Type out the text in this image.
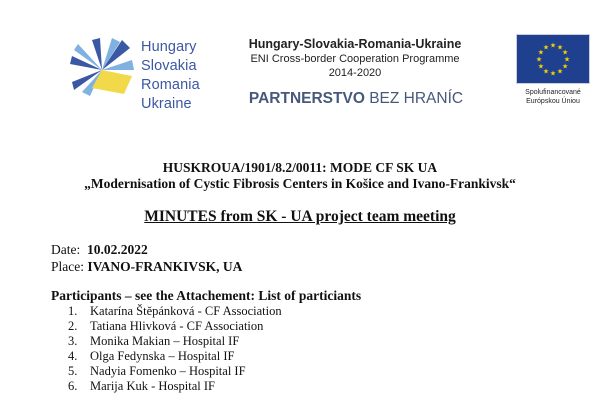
Hungary
Slovakia
Romania
Ukraine
Hungary-Slovakia-Romania-Ukraine
ENI Cross-border Cooperation Programme
2014-2020
PARTNERSTVO BEZ HRANÍC
★ ★
★
★
★
★
★
★
★
★
★
★
Spolufinancované
Európskou Úniou
HUSKROUA/1901/8.2/0011: MODE CF SK UA
„Modernisation of Cystic Fibrosis Centers in Košice and Ivano-Frankivsk“
MINUTES from SK - UA project team meeting
Date: 10.02.2022
Place: IVANO-FRANKIVSK, UA
Participants – see the Attachement: List of particiants
1. Katarína Štěpánková - CF Association
2. Tatiana Hlivková - CF Association
3. Monika Makian – Hospital IF
4. Olga Fedynska – Hospital IF
5. Nadyia Fomenko – Hospital IF
6. Marija Kuk - Hospital IF
